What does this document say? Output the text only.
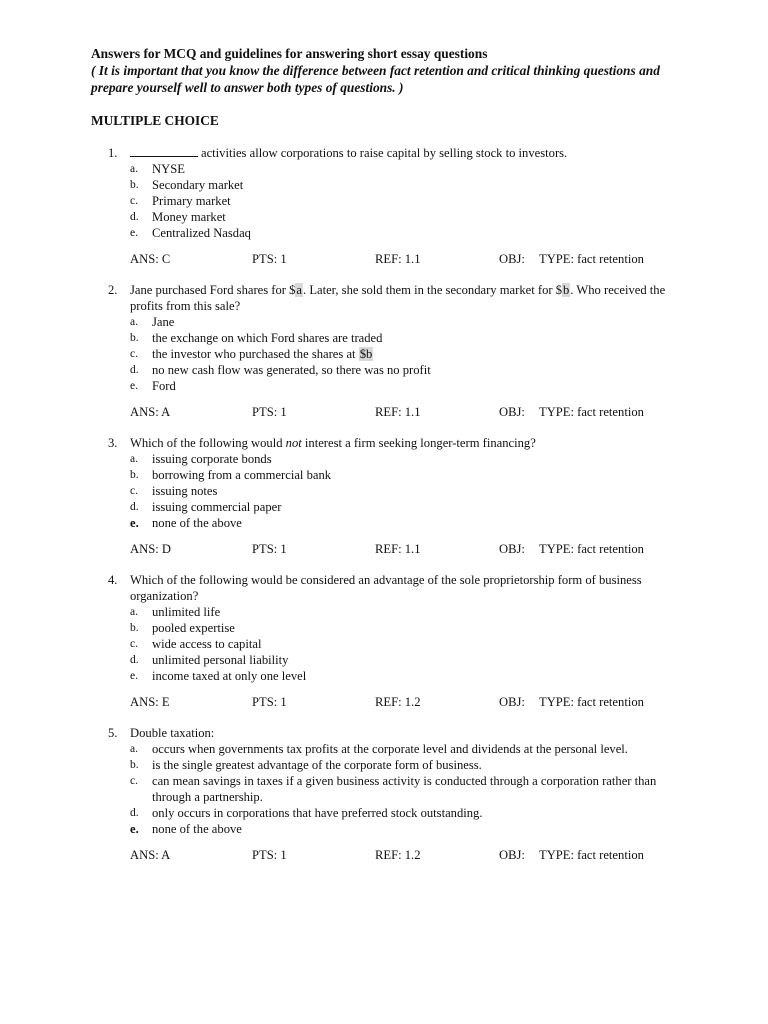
Answers for MCQ and guidelines for answering short essay questions
( It is important that you know the difference between fact retention and critical thinking questions and prepare yourself well to answer both types of questions. )
MULTIPLE CHOICE
1.	activities allow corporations to raise capital by selling stock to investors.
a. NYSE
b. Secondary market
c. Primary market
d. Money market
e. Centralized Nasdaq
ANS: C	PTS: 1	REF: 1.1	OBJ: TYPE: fact retention
2. Jane purchased Ford shares for $a. Later, she sold them in the secondary market for $b. Who received the profits from this sale?
a. Jane
b. the exchange on which Ford shares are traded
c. the investor who purchased the shares at $b
d. no new cash flow was generated, so there was no profit
e. Ford
ANS: A	PTS: 1	REF: 1.1	OBJ: TYPE: fact retention
3. Which of the following would not interest a firm seeking longer-term financing?
a. issuing corporate bonds
b. borrowing from a commercial bank
c. issuing notes
d. issuing commercial paper
e. none of the above
ANS: D	PTS: 1	REF: 1.1	OBJ: TYPE: fact retention
4. Which of the following would be considered an advantage of the sole proprietorship form of business organization?
a. unlimited life
b. pooled expertise
c. wide access to capital
d. unlimited personal liability
e. income taxed at only one level
ANS: E	PTS: 1	REF: 1.2	OBJ: TYPE: fact retention
5. Double taxation:
a. occurs when governments tax profits at the corporate level and dividends at the personal level.
b. is the single greatest advantage of the corporate form of business.
c. can mean savings in taxes if a given business activity is conducted through a corporation rather than through a partnership.
d. only occurs in corporations that have preferred stock outstanding.
e. none of the above
ANS: A	PTS: 1	REF: 1.2	OBJ: TYPE: fact retention
